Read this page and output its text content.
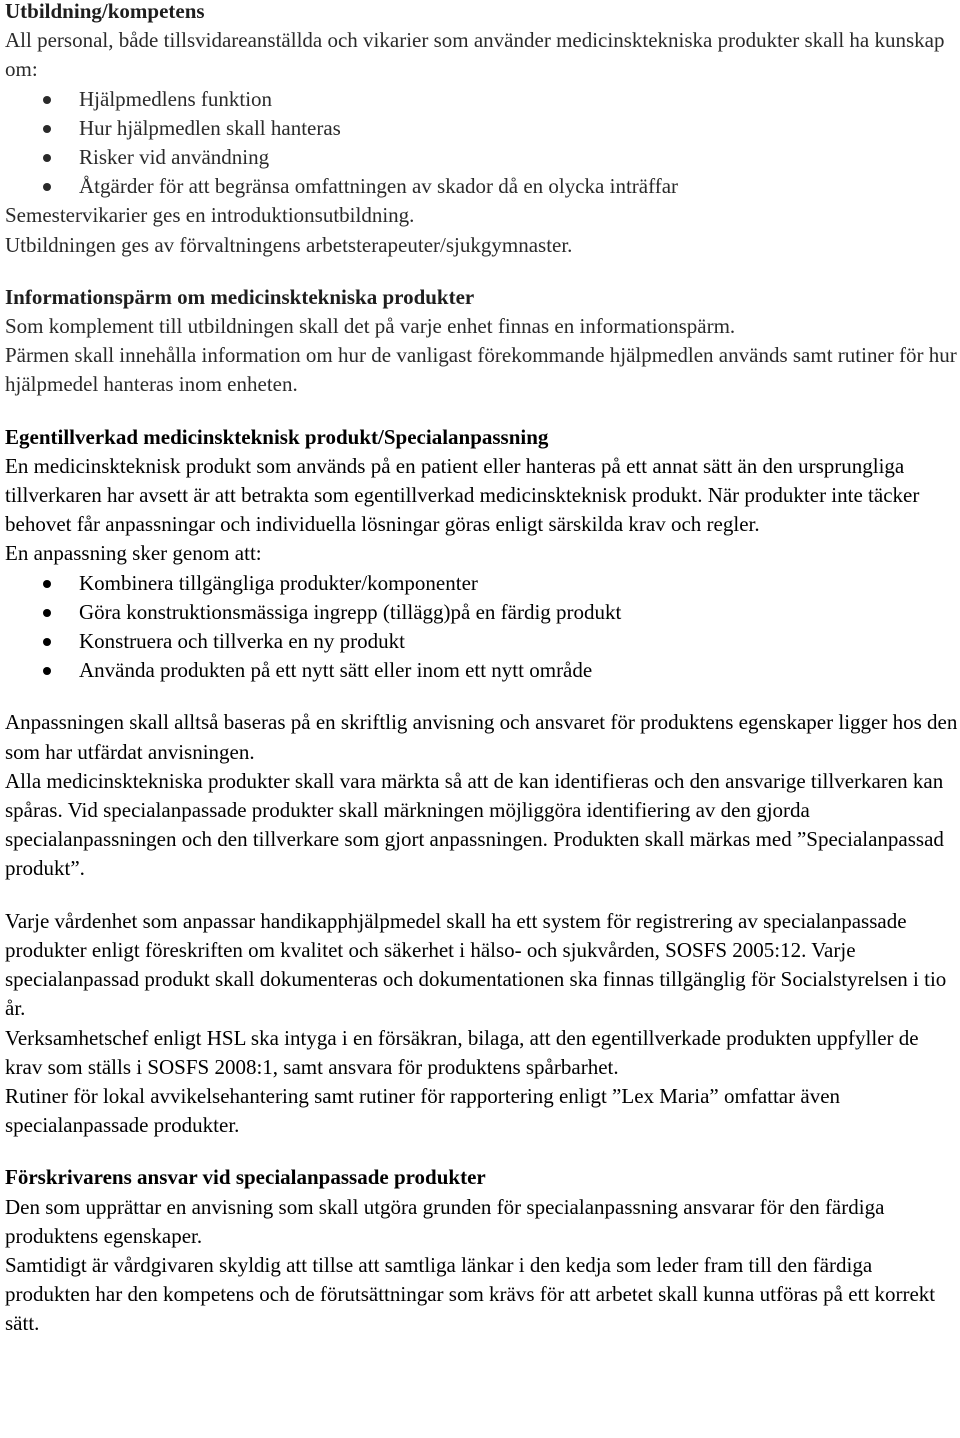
Utbildning/kompetens

All personal, både tillsvidareanställda och vikarier som använder medicinsktekniska produkter skall ha kunskap om:

Hjälpmedlens funktion
Hur hjälpmedlen skall hanteras
Risker vid användning
Åtgärder för att begränsa omfattningen av skador då en olycka inträffar

Semestervikarier ges en introduktionsutbildning.

Utbildningen ges av förvaltningens arbetsterapeuter/sjukgymnaster.

Informationspärm om medicinsktekniska produkter

Som komplement till utbildningen skall det på varje enhet finnas en informationspärm.

Pärmen skall innehålla information om hur de vanligast förekommande hjälpmedlen används samt rutiner för hur hjälpmedel hanteras inom enheten.

Egentillverkad medicinskteknisk produkt/Specialanpassning

En medicinskteknisk produkt som används på en patient eller hanteras på ett annat sätt än den ursprungliga tillverkaren har avsett är att betrakta som egentillverkad medicinskteknisk produkt. När produkter inte täcker behovet får anpassningar och individuella lösningar göras enligt särskilda krav och regler.

En anpassning sker genom att:

Kombinera tillgängliga produkter/komponenter
Göra konstruktionsmässiga ingrepp (tillägg)på en färdig produkt
Konstruera och tillverka en ny produkt
Använda produkten på ett nytt sätt eller inom ett nytt område

Anpassningen skall alltså baseras på en skriftlig anvisning och ansvaret för produktens egenskaper ligger hos den som har utfärdat anvisningen.

Alla medicinsktekniska produkter skall vara märkta så att de kan identifieras och den ansvarige tillverkaren kan spåras. Vid specialanpassade produkter skall märkningen möjliggöra identifiering av den gjorda specialanpassningen och den tillverkare som gjort anpassningen. Produkten skall märkas med ”Specialanpassad produkt”.

Varje vårdenhet som anpassar handikapphjälpmedel skall ha ett system för registrering av specialanpassade produkter enligt föreskriften om kvalitet och säkerhet i hälso- och sjukvården, SOSFS 2005:12. Varje specialanpassad produkt skall dokumenteras och dokumentationen ska finnas tillgänglig för Socialstyrelsen i tio år.

Verksamhetschef enligt HSL ska intyga i en försäkran, bilaga, att den egentillverkade produkten uppfyller de krav som ställs i SOSFS 2008:1, samt ansvara för produktens spårbarhet.

Rutiner för lokal avvikelsehantering samt rutiner för rapportering enligt ”Lex Maria” omfattar även specialanpassade produkter.

Förskrivarens ansvar vid specialanpassade produkter

Den som upprättar en anvisning som skall utgöra grunden för specialanpassning ansvarar för den färdiga produktens egenskaper.

Samtidigt är vårdgivaren skyldig att tillse att samtliga länkar i den kedja som leder fram till den färdiga produkten har den kompetens och de förutsättningar som krävs för att arbetet skall kunna utföras på ett korrekt sätt.
